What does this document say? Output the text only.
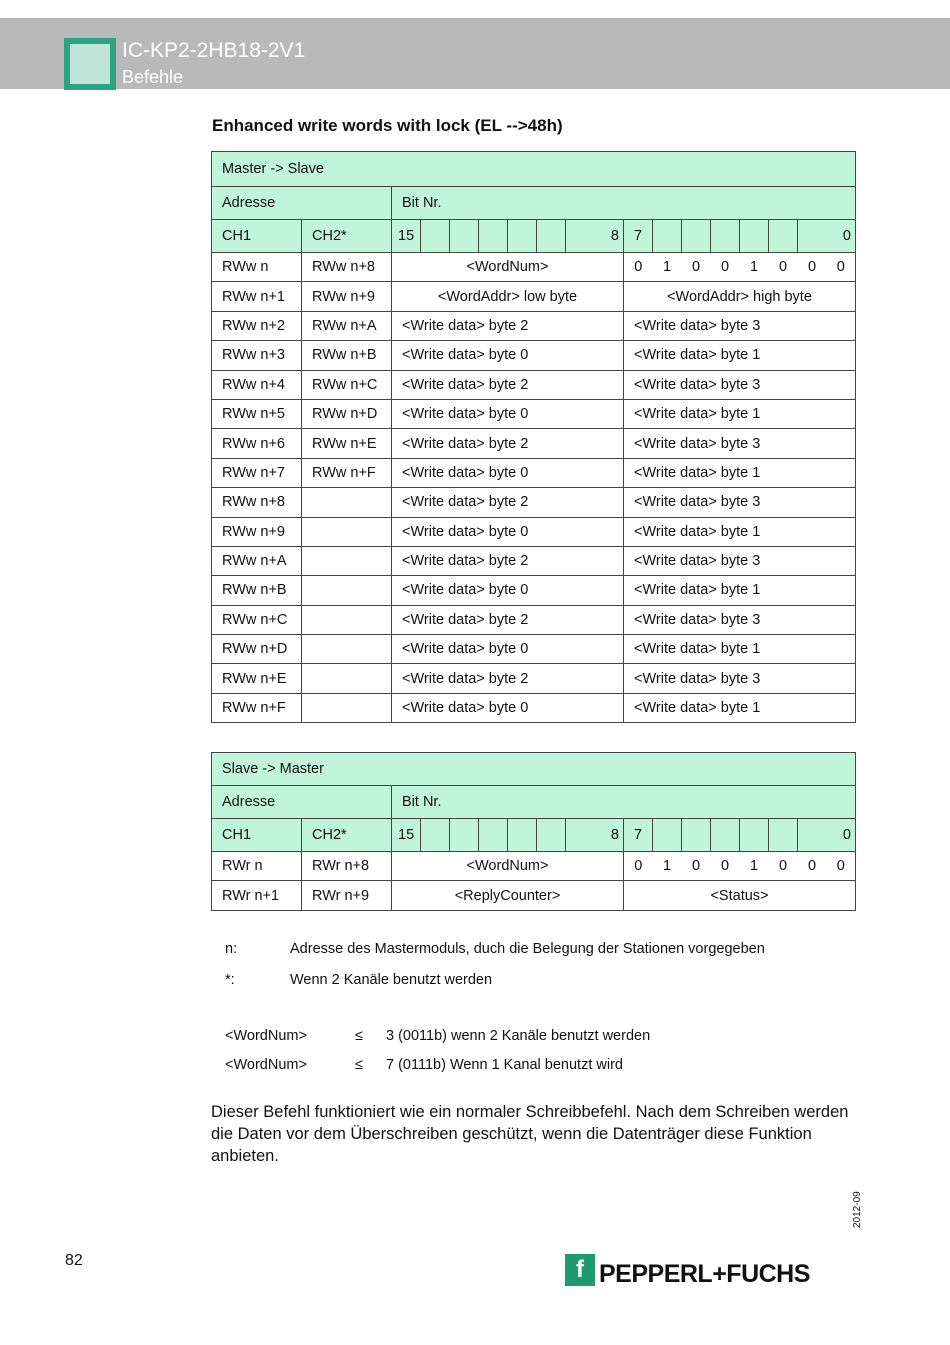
IC-KP2-2HB18-2V1
Befehle
Enhanced write words with lock (EL -->48h)
Master -> Slave																	
Adresse		Bit Nr.															
CH1	CH2*	15							8	7							0
RWw n	RWw n+8	<WordNum>								0	1	0	0	1	0	0	0
RWw n+1	RWw n+9	<WordAddr> low byte								<WordAddr> high byte							
RWw n+2	RWw n+A	<Write data> byte 2								<Write data> byte 3							
RWw n+3	RWw n+B	<Write data> byte 0								<Write data> byte 1							
RWw n+4	RWw n+C	<Write data> byte 2								<Write data> byte 3							
RWw n+5	RWw n+D	<Write data> byte 0								<Write data> byte 1							
RWw n+6	RWw n+E	<Write data> byte 2								<Write data> byte 3							
RWw n+7	RWw n+F	<Write data> byte 0								<Write data> byte 1							
RWw n+8		<Write data> byte 2								<Write data> byte 3							
RWw n+9		<Write data> byte 0								<Write data> byte 1							
RWw n+A		<Write data> byte 2								<Write data> byte 3							
RWw n+B		<Write data> byte 0								<Write data> byte 1							
RWw n+C		<Write data> byte 2								<Write data> byte 3							
RWw n+D		<Write data> byte 0								<Write data> byte 1							
RWw n+E		<Write data> byte 2								<Write data> byte 3							
RWw n+F		<Write data> byte 0								<Write data> byte 1							
Slave -> Master																	
Adresse		Bit Nr.															
CH1	CH2*	15							8	7							0
RWr n	RWr n+8	<WordNum>								0	1	0	0	1	0	0	0
RWr n+1	RWr n+9	<ReplyCounter>								<Status>							
n:	Adresse des Mastermoduls, duch die Belegung der Stationen vorgegeben
*:	Wenn 2 Kanäle benutzt werden
<WordNum>	≤ 3 (0011b) wenn 2 Kanäle benutzt werden
<WordNum>	≤ 7 (0111b) Wenn 1 Kanal benutzt wird
Dieser Befehl funktioniert wie ein normaler Schreibbefehl. Nach dem Schreiben werden die Daten vor dem Überschreiben geschützt, wenn die Datenträger diese Funktion anbieten.
2012-09
82	f PEPPERL+FUCHS
